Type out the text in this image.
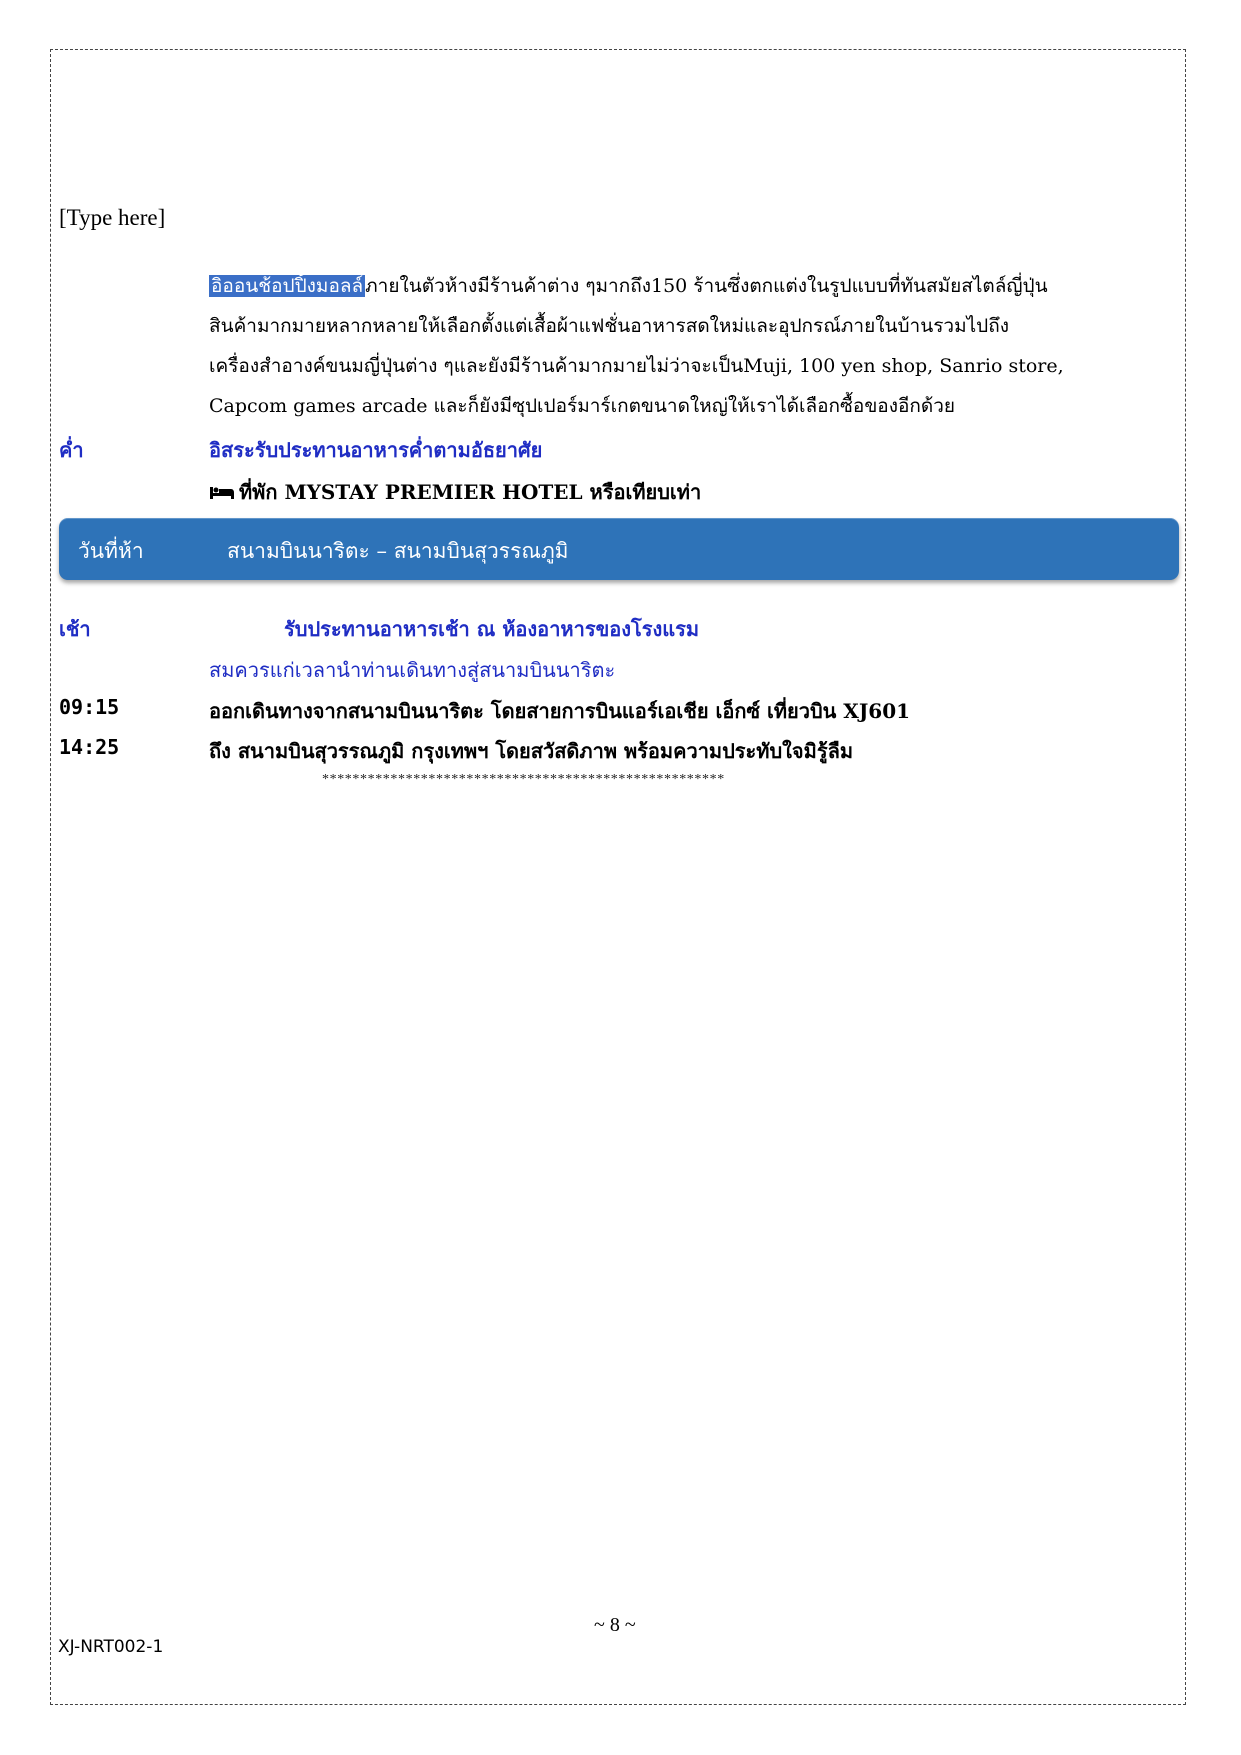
[Type here]
อิออนช้อปปิ้งมอลล์ ภายในตัวห้างมีร้านค้าต่าง ๆมากถึง150 ร้านซึ่งตกแต่งในรูปแบบที่ทันสมัยสไตล์ญี่ปุ่น
สินค้ามากมายหลากหลายให้เลือกตั้งแต่เสื้อผ้าแฟชั่นอาหารสดใหม่และอุปกรณ์ภายในบ้านรวมไปถึง
เครื่องสำอางค์ขนมญี่ปุ่นต่าง ๆและยังมีร้านค้ามากมายไม่ว่าจะเป็นMuji, 100 yen shop, Sanrio store,
Capcom games arcade และก็ยังมีซุปเปอร์มาร์เกตขนาดใหญ่ให้เราได้เลือกซื้อของอีกด้วย
ค่ำ	อิสระรับประทานอาหารค่ำตามอัธยาศัย
ที่พัก MYSTAY PREMIER HOTEL หรือเทียบเท่า
วันที่ห้า	สนามบินนาริตะ – สนามบินสุวรรณภูมิ
เช้า	รับประทานอาหารเช้า ณ ห้องอาหารของโรงแรม
สมควรแก่เวลานำท่านเดินทางสู่สนามบินนาริตะ
09:15	ออกเดินทางจากสนามบินนาริตะ โดยสายการบินแอร์เอเชีย เอ็กซ์ เที่ยวบิน XJ601
14:25	ถึง สนามบินสุวรรณภูมิ กรุงเทพฯ โดยสวัสดิภาพ พร้อมความประทับใจมิรู้ลืม
*****************************************************
~ 8 ~
XJ-NRT002-1
